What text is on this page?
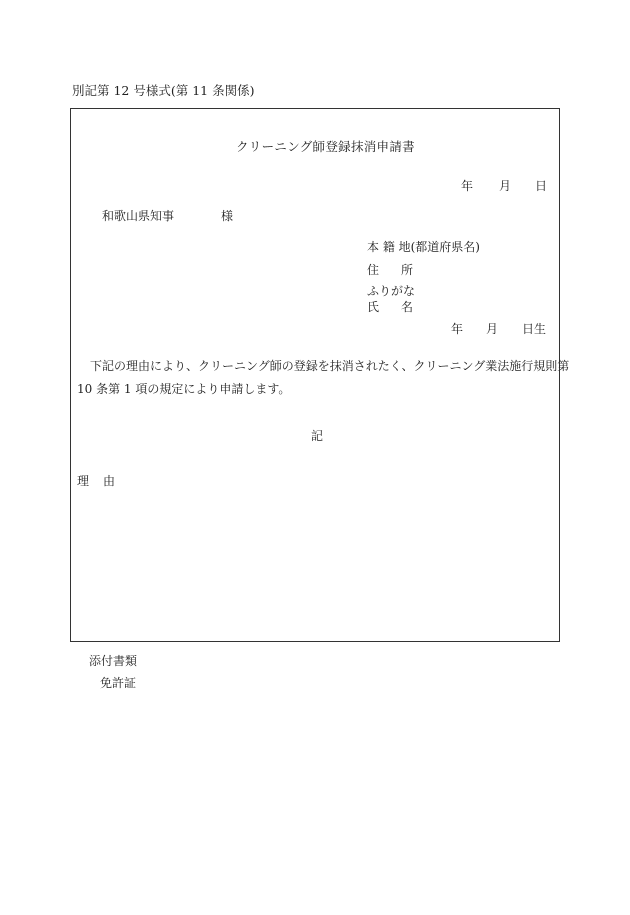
別記第 12 号様式(第 11 条関係)
クリーニング師登録抹消申請書
年 月 日
和歌山県知事	様
本 籍 地(都道府県名)
住 所
ふりがな
氏 名
年 月 日生
下記の理由により、クリーニング師の登録を抹消されたく、クリーニング業法施行規則第
10 条第 1 項の規定により申請します。
記
理 由
添付書類
免許証
